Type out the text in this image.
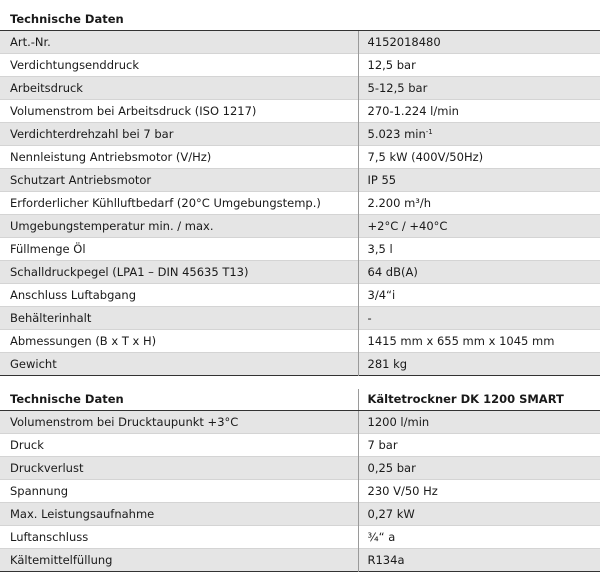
Technische Daten	
Art.-Nr.	4152018480
Verdichtungsenddruck	12,5 bar
Arbeitsdruck	5-12,5 bar
Volumenstrom bei Arbeitsdruck (ISO 1217)	270-1.224 l/min
Verdichterdrehzahl bei 7 bar	5.023 $\min^{-1}$
Nennleistung Antriebsmotor (V/Hz)	7,5 kW (400V/50Hz)
Schutzart Antriebsmotor	IP 55
Erforderlicher Kühlluftbedarf (20°C Umgebungstemp.)	2.200 m³/h
Umgebungstemperatur min. / max.	+2°C / +40°C
Füllmenge Öl	3,5 l
Schalldruckpegel (LPA1 – DIN 45635 T13)	64 dB(A)
Anschluss Luftabgang	3/4“i
Behälterinhalt	-
Abmessungen (B x T x H)	1415 mm x 655 mm x 1045 mm
Gewicht	281 kg
Technische Daten	Kältetrockner DK 1200 SMART
Volumenstrom bei Drucktaupunkt +3°C	1200 l/min
Druck	7 bar
Druckverlust	0,25 bar
Spannung	230 V/50 Hz
Max. Leistungsaufnahme	0,27 kW
Luftanschluss	¾“ a
Kältemittelfüllung	R134a
